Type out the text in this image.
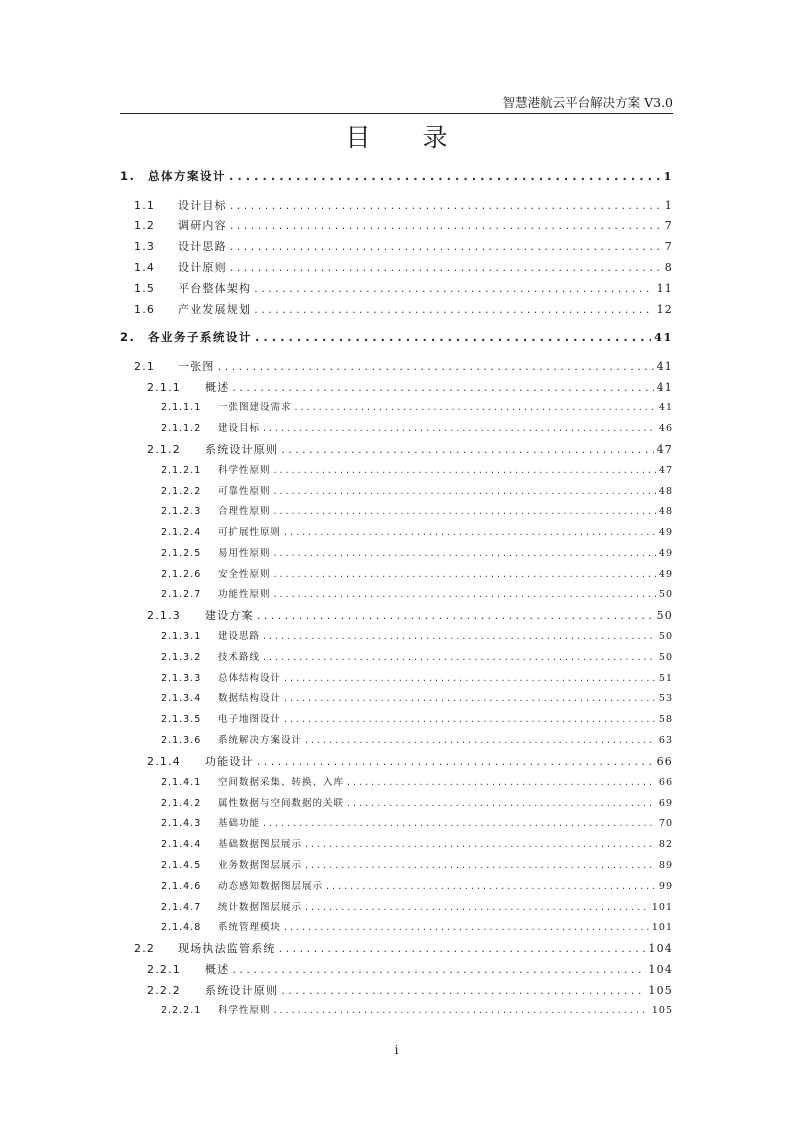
智慧港航云平台解决方案 V3.0
目 录
1.	总体方案设计 . . .	1
1.1	设计目标 . . .	1
1.2	调研内容 . . .	7
1.3	设计思路 . . .	7
1.4	设计原则 . . .	8
1.5	平台整体架构 . . .	11
1.6	产业发展规划 . . .	12
2.	各业务子系统设计 . . .	41
2.1	一张图 . . .	41
2.1.1	概述 . . .	41
2.1.1.1	一张图建设需求 . . .	41
2.1.1.2	建设目标 . . .	46
2.1.2	系统设计原则 . . .	47
2.1.2.1	科学性原则 . . .	47
2.1.2.2	可靠性原则 . . .	48
2.1.2.3	合理性原则 . . .	48
2.1.2.4	可扩展性原则 . . .	49
2.1.2.5	易用性原则 . . .	49
2.1.2.6	安全性原则 . . .	49
2.1.2.7	功能性原则 . . .	50
2.1.3	建设方案 . . .	50
2.1.3.1	建设思路 . . .	50
2.1.3.2	技术路线 . . .	50
2.1.3.3	总体结构设计 . . .	51
2.1.3.4	数据结构设计 . . .	53
2.1.3.5	电子地图设计 . . .	58
2.1.3.6	系统解决方案设计 . . .	63
2.1.4	功能设计 . . .	66
2.1.4.1	空间数据采集、转换、入库 . . .	66
2.1.4.2	属性数据与空间数据的关联 . . .	69
2.1.4.3	基础功能 . . .	70
2.1.4.4	基础数据图层展示 . . .	82
2.1.4.5	业务数据图层展示 . . .	89
2.1.4.6	动态感知数据图层展示 . . .	99
2.1.4.7	统计数据图层展示 . . .	101
2.1.4.8	系统管理模块 . . .	101
2.2	现场执法监管系统 . . .	104
2.2.1	概述 . . .	104
2.2.2	系统设计原则 . . .	105
2.2.2.1	科学性原则 . . .	105
i
